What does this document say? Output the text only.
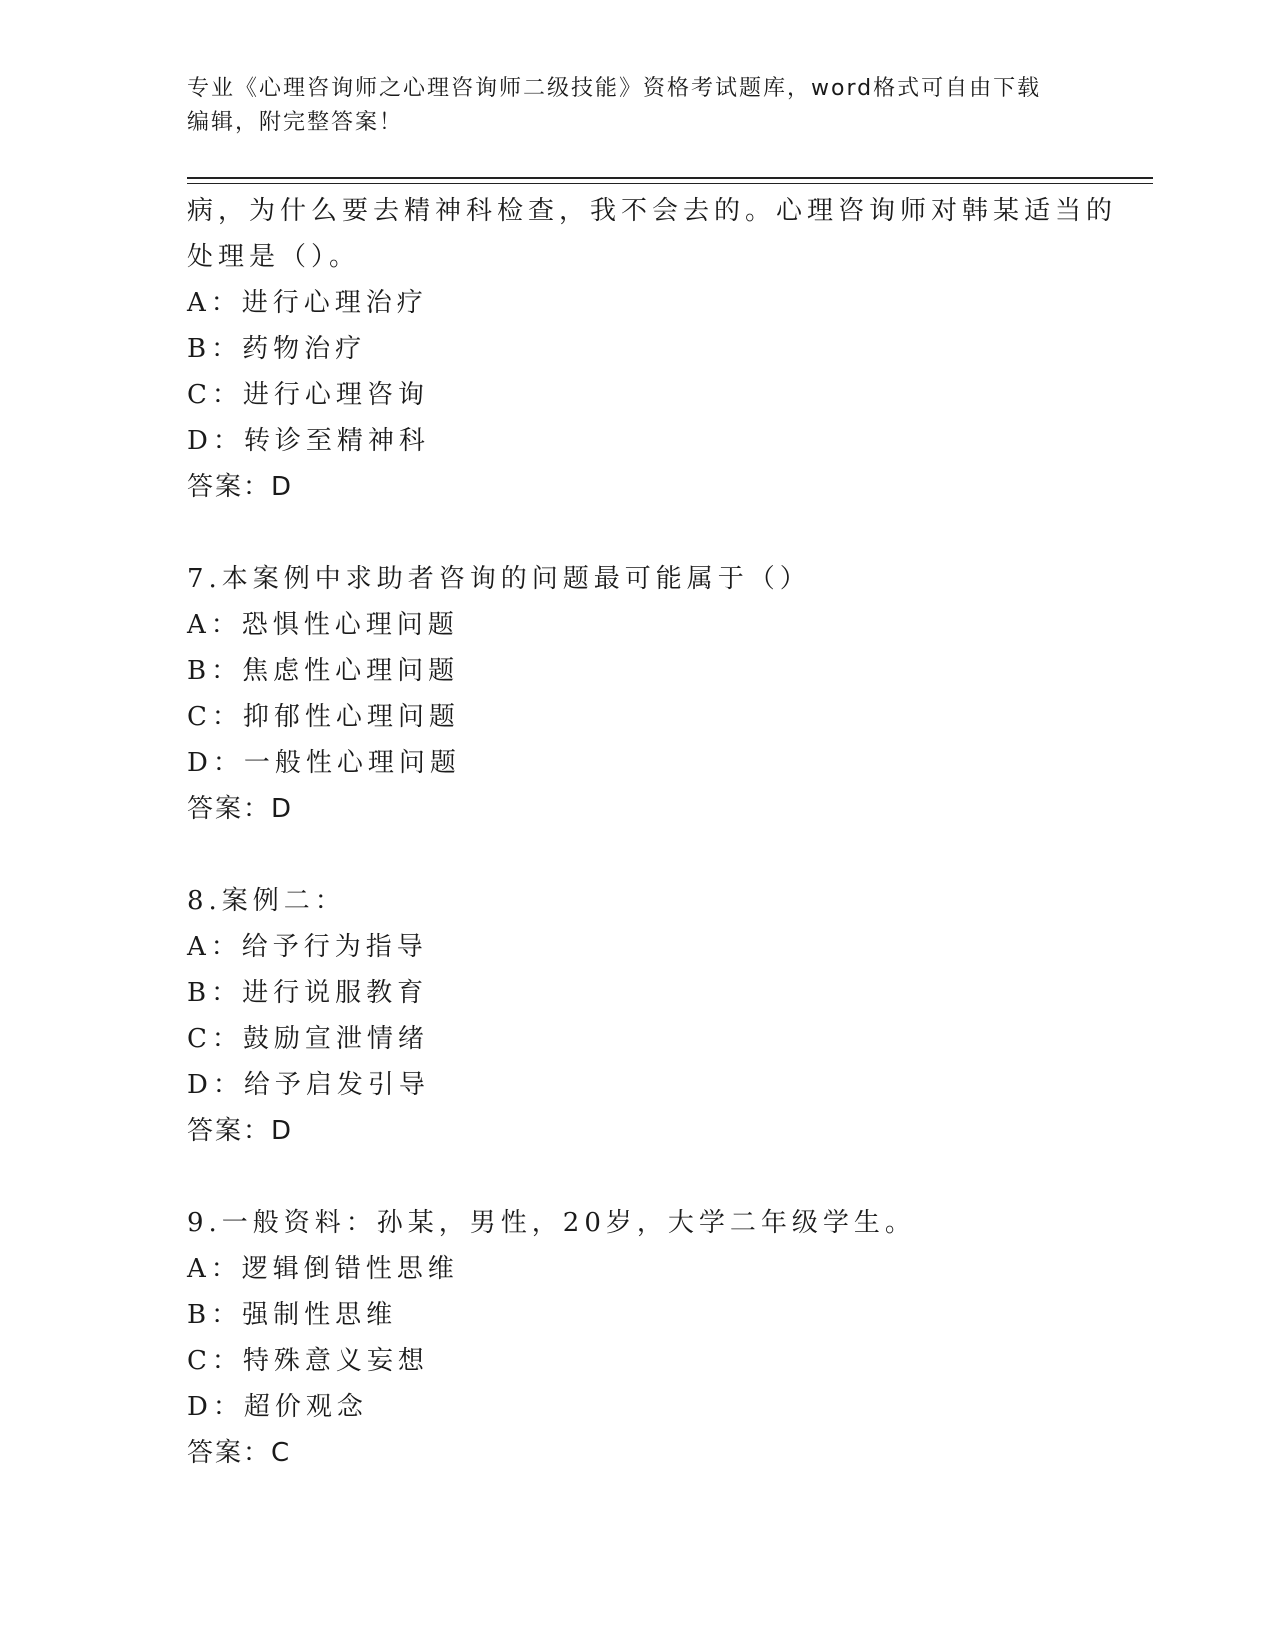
专业《心理咨询师之心理咨询师二级技能》资格考试题库，word格式可自由下载
编辑，附完整答案！
病，为什么要去精神科检查，我不会去的。心理咨询师对韩某适当的
处理是（）。
A：进行心理治疗
B：药物治疗
C：进行心理咨询
D：转诊至精神科
答案：D
7.本案例中求助者咨询的问题最可能属于（）
A：恐惧性心理问题
B：焦虑性心理问题
C：抑郁性心理问题
D：一般性心理问题
答案：D
8.案例二：
A：给予行为指导
B：进行说服教育
C：鼓励宣泄情绪
D：给予启发引导
答案：D
9.一般资料：孙某，男性，20岁，大学二年级学生。
A：逻辑倒错性思维
B：强制性思维
C：特殊意义妄想
D：超价观念
答案：C
